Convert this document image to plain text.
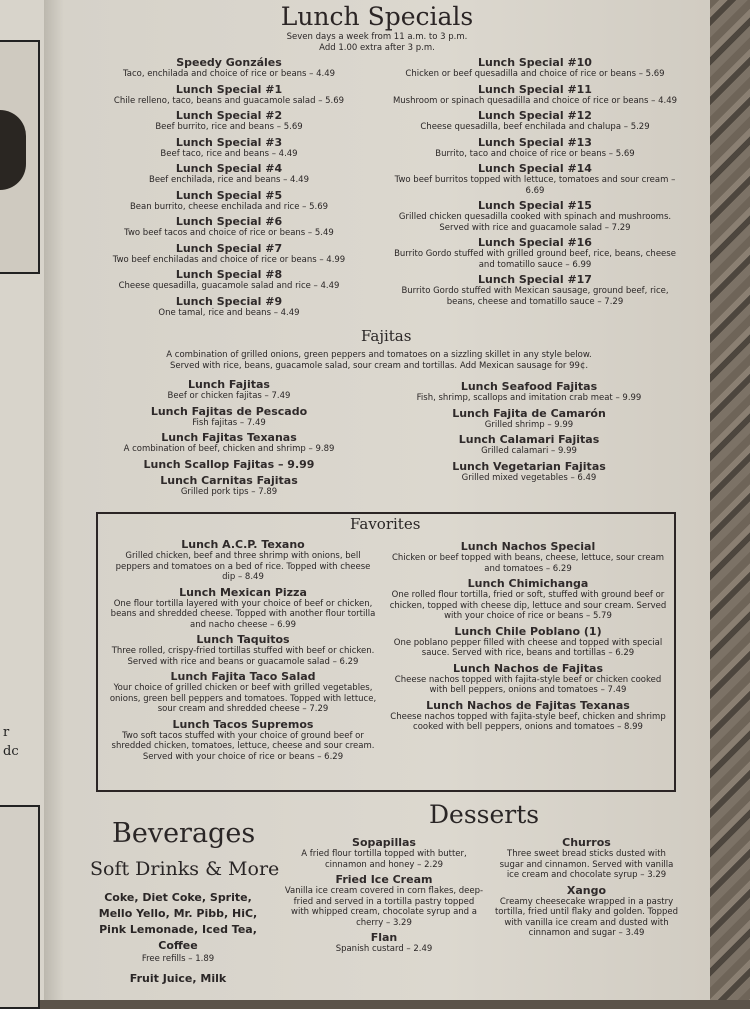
r
dc
Lunch Specials
Seven days a week from 11 a.m. to 3 p.m.
Add 1.00 extra after 3 p.m.
Speedy Gonzáles
Taco, enchilada and choice of rice or beans – 4.49
Lunch Special #1
Chile relleno, taco, beans and guacamole salad – 5.69
Lunch Special #2
Beef burrito, rice and beans – 5.69
Lunch Special #3
Beef taco, rice and beans – 4.49
Lunch Special #4
Beef enchilada, rice and beans – 4.49
Lunch Special #5
Bean burrito, cheese enchilada and rice – 5.69
Lunch Special #6
Two beef tacos and choice of rice or beans – 5.49
Lunch Special #7
Two beef enchiladas and choice of rice or beans – 4.99
Lunch Special #8
Cheese quesadilla, guacamole salad and rice – 4.49
Lunch Special #9
One tamal, rice and beans – 4.49
Lunch Special #10
Chicken or beef quesadilla and choice of rice or beans – 5.69
Lunch Special #11
Mushroom or spinach quesadilla and choice of rice or beans – 4.49
Lunch Special #12
Cheese quesadilla, beef enchilada and chalupa – 5.29
Lunch Special #13
Burrito, taco and choice of rice or beans – 5.69
Lunch Special #14
Two beef burritos topped with lettuce, tomatoes and sour cream – 6.69
Lunch Special #15
Grilled chicken quesadilla cooked with spinach and mushrooms. Served with rice and guacamole salad – 7.29
Lunch Special #16
Burrito Gordo stuffed with grilled ground beef, rice, beans, cheese and tomatillo sauce – 6.99
Lunch Special #17
Burrito Gordo stuffed with Mexican sausage, ground beef, rice, beans, cheese and tomatillo sauce – 7.29
Fajitas
A combination of grilled onions, green peppers and tomatoes on a sizzling skillet in any style below. Served with rice, beans, guacamole salad, sour cream and tortillas. Add Mexican sausage for 99¢.
Lunch Fajitas
Beef or chicken fajitas – 7.49
Lunch Fajitas de Pescado
Fish fajitas – 7.49
Lunch Fajitas Texanas
A combination of beef, chicken and shrimp – 9.89
Lunch Scallop Fajitas – 9.99
Lunch Carnitas Fajitas
Grilled pork tips – 7.89
Lunch Seafood Fajitas
Fish, shrimp, scallops and imitation crab meat – 9.99
Lunch Fajita de Camarón
Grilled shrimp – 9.99
Lunch Calamari Fajitas
Grilled calamari – 9.99
Lunch Vegetarian Fajitas
Grilled mixed vegetables – 6.49
Favorites
Lunch A.C.P. Texano
Grilled chicken, beef and three shrimp with onions, bell peppers and tomatoes on a bed of rice. Topped with cheese dip – 8.49
Lunch Mexican Pizza
One flour tortilla layered with your choice of beef or chicken, beans and shredded cheese. Topped with another flour tortilla and nacho cheese – 6.99
Lunch Taquitos
Three rolled, crispy-fried tortillas stuffed with beef or chicken. Served with rice and beans or guacamole salad – 6.29
Lunch Fajita Taco Salad
Your choice of grilled chicken or beef with grilled vegetables, onions, green bell peppers and tomatoes. Topped with lettuce, sour cream and shredded cheese – 7.29
Lunch Tacos Supremos
Two soft tacos stuffed with your choice of ground beef or shredded chicken, tomatoes, lettuce, cheese and sour cream. Served with your choice of rice or beans – 6.29
Lunch Nachos Special
Chicken or beef topped with beans, cheese, lettuce, sour cream and tomatoes – 6.29
Lunch Chimichanga
One rolled flour tortilla, fried or soft, stuffed with ground beef or chicken, topped with cheese dip, lettuce and sour cream. Served with your choice of rice or beans – 5.79
Lunch Chile Poblano (1)
One poblano pepper filled with cheese and topped with special sauce. Served with rice, beans and tortillas – 6.29
Lunch Nachos de Fajitas
Cheese nachos topped with fajita-style beef or chicken cooked with bell peppers, onions and tomatoes – 7.49
Lunch Nachos de Fajitas Texanas
Cheese nachos topped with fajita-style beef, chicken and shrimp cooked with bell peppers, onions and tomatoes – 8.99
Beverages
Soft Drinks & More
Coke, Diet Coke, Sprite, Mello Yello, Mr. Pibb, HiC, Pink Lemonade, Iced Tea, Coffee
Free refills – 1.89
Fruit Juice, Milk
Desserts
Sopapillas
A fried flour tortilla topped with butter, cinnamon and honey – 2.29
Fried Ice Cream
Vanilla ice cream covered in corn flakes, deep-fried and served in a tortilla pastry topped with whipped cream, chocolate syrup and a cherry – 3.29
Flan
Spanish custard – 2.49
Churros
Three sweet bread sticks dusted with sugar and cinnamon. Served with vanilla ice cream and chocolate syrup – 3.29
Xango
Creamy cheesecake wrapped in a pastry tortilla, fried until flaky and golden. Topped with vanilla ice cream and dusted with cinnamon and sugar – 3.49
